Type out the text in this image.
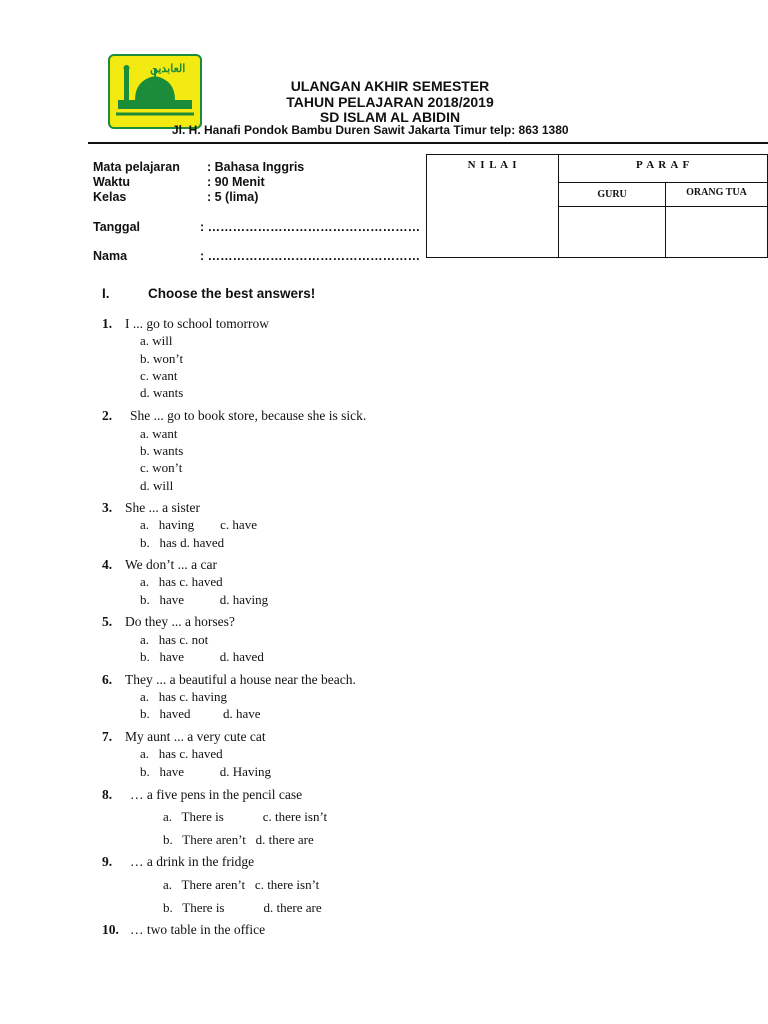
العابدين
ULANGAN AKHIR SEMESTER
TAHUN PELAJARAN 2018/2019
SD ISLAM AL ABIDIN
Jl. H. Hanafi Pondok Bambu Duren Sawit Jakarta Timur telp: 863 1380
Mata pelajaran : Bahasa Inggris
Waktu	: 90 Menit
Kelas	: 5 (lima)
Tanggal	: ……………………………………………
Nama	: ……………………………………………
N I L A I	P A R A F	
	GURU	ORANG TUA

I.	Choose the best answers!
1. I ... go to school tomorrow
a. will
b. won’t
c. want
d. wants
2. She ... go to book store, because she is sick.
a. want
b. wants
c. won’t
d. will
3. She ... a sister
a.   having        c. have
b.   has d. haved
4. We don’t ... a car
a.   has c. haved
b.   have           d. having
5. Do they ... a horses?
a.   has c. not
b.   have           d. haved
6. They ... a beautiful a house near the beach.
a.   has c. having
b.   haved          d. have
7. My aunt ... a very cute cat
a.   has c. haved
b.   have           d. Having
8. … a five pens in the pencil case
a.   There is            c. there isn’t
b.   There aren’t   d. there are
9. … a drink in the fridge
a.   There aren’t   c. there isn’t
b.   There is            d. there are
10. … two table in the office
